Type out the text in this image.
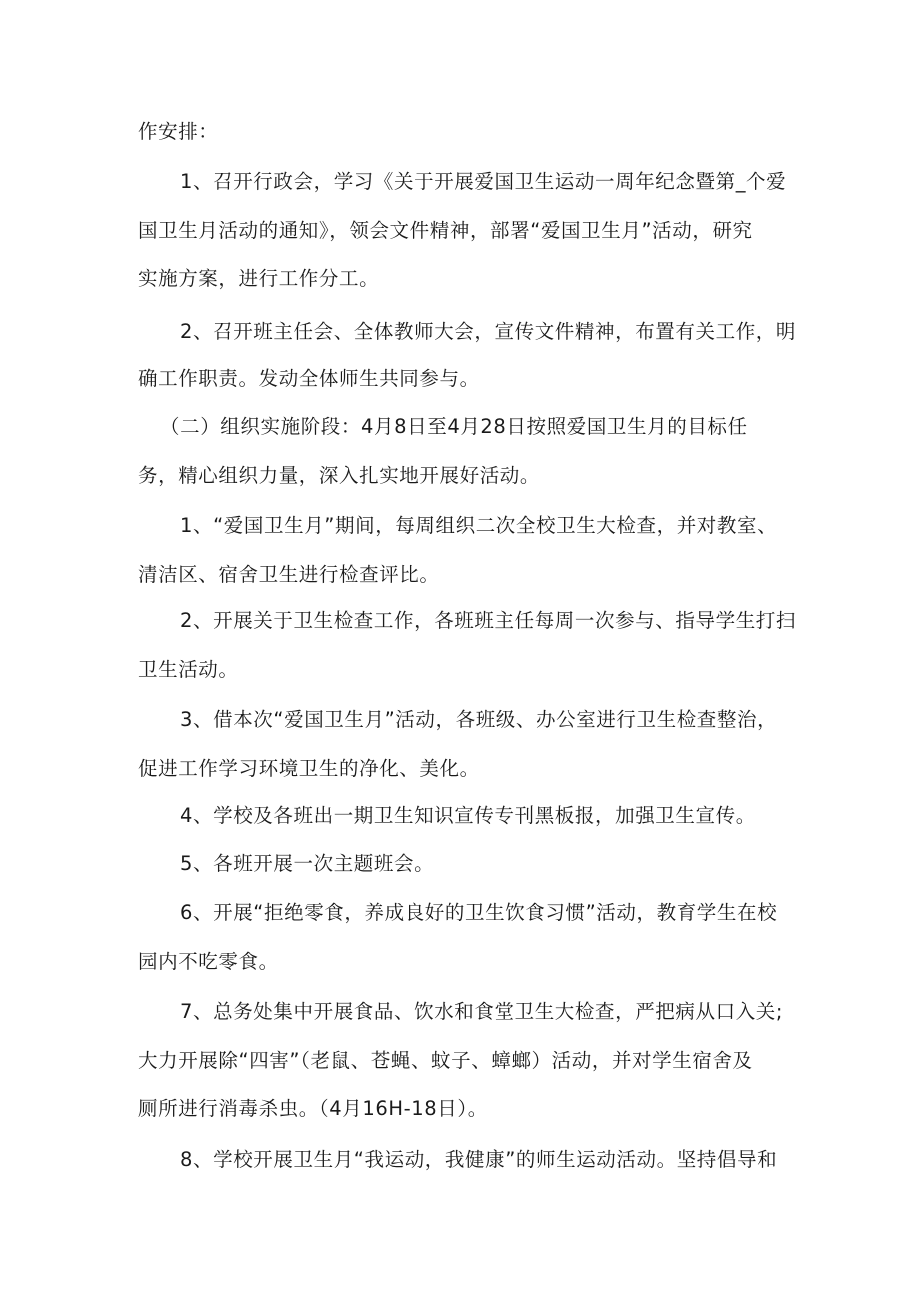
作安排：
1、召开行政会，学习《关于开展爱国卫生运动一周年纪念暨第_个爱
国卫生月活动的通知》，领会文件精神，部署“爱国卫生月”活动，研究
实施方案，进行工作分工。
2、召开班主任会、全体教师大会，宣传文件精神，布置有关工作，明
确工作职责。发动全体师生共同参与。
（二）组织实施阶段：4月8日至4月28日按照爱国卫生月的目标任
务，精心组织力量，深入扎实地开展好活动。
1、“爱国卫生月”期间，每周组织二次全校卫生大检查，并对教室、
清洁区、宿舍卫生进行检查评比。
2、开展关于卫生检查工作，各班班主任每周一次参与、指导学生打扫
卫生活动。
3、借本次“爱国卫生月”活动，各班级、办公室进行卫生检查整治，
促进工作学习环境卫生的净化、美化。
4、学校及各班出一期卫生知识宣传专刊黑板报，加强卫生宣传。
5、各班开展一次主题班会。
6、开展“拒绝零食，养成良好的卫生饮食习惯”活动，教育学生在校
园内不吃零食。
7、总务处集中开展食品、饮水和食堂卫生大检查，严把病从口入关;
大力开展除“四害”（老鼠、苍蝇、蚊子、蟑螂）活动，并对学生宿舍及
厕所进行消毒杀虫。（4月16H-18日）。
8、学校开展卫生月“我运动，我健康”的师生运动活动。坚持倡导和
